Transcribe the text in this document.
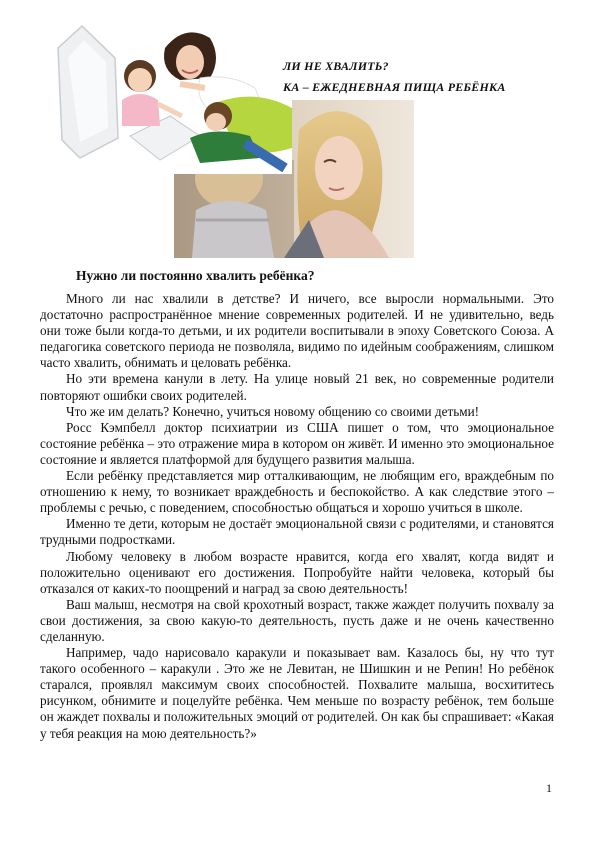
ЛИ НЕ ХВАЛИТЬ?
КА – ЕЖЕДНЕВНАЯ ПИЩА РЕБЁНКА
Нужно ли постоянно хвалить ребёнка?

Много ли нас хвалили в детстве? И ничего, все выросли нормальными. Это достаточно распространённое мнение современных родителей. И не удивительно, ведь они тоже были когда-то детьми, и их родители воспитывали в эпоху Советского Союза. А педагогика советского периода не позволяла, видимо по идейным соображениям, слишком часто хвалить, обнимать и целовать ребёнка.

Но эти времена канули в лету. На улице новый 21 век, но современные родители повторяют ошибки своих родителей.

Что же им делать? Конечно, учиться новому общению со своими детьми!

Росс Кэмпбелл доктор психиатрии из США пишет о том, что эмоциональное состояние ребёнка – это отражение мира в котором он живёт. И именно это эмоциональное состояние и является платформой для будущего развития малыша.

Если ребёнку представляется мир отталкивающим, не любящим его, враждебным по отношению к нему, то возникает враждебность и беспокойство. А как следствие этого – проблемы с речью, с поведением, способностью общаться и хорошо учиться в школе.

Именно те дети, которым не достаёт эмоциональной связи с родителями, и становятся трудными подростками.

Любому человеку в любом возрасте нравится, когда его хвалят, когда видят и положительно оценивают его достижения. Попробуйте найти человека, который бы отказался от каких-то поощрений и наград за свою деятельность!

Ваш малыш, несмотря на свой крохотный возраст, также жаждет получить похвалу за свои достижения, за свою какую-то деятельность, пусть даже и не очень качественно сделанную.

Например, чадо нарисовало каракули и показывает вам. Казалось бы, ну что тут такого особенного – каракули . Это же не Левитан, не Шишкин и не Репин! Но ребёнок старался, проявлял максимум своих способностей. Похвалите малыша, восхититесь рисунком, обнимите и поцелуйте ребёнка. Чем меньше по возрасту ребёнок, тем больше он жаждет похвалы и положительных эмоций от родителей. Он как бы спрашивает: «Какая у тебя реакция на мою деятельность?»

1
